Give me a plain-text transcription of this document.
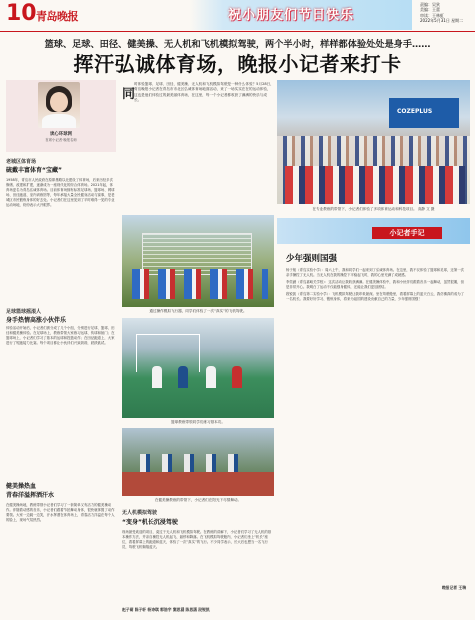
10 青岛晚报	祝小朋友们节日快乐
责编：吴狄
美编：王蕾
审读：王林虹
2022年5月31日 星期二
篮球、足球、田径、健美操、无人机和飞机模拟驾驶，两个半小时，样样都体验处处是身手……
挥汗弘诚体育场，晚报小记者来打卡
读心环球网
首席小记者·晚报名师
同
时体验篮球、足球、田径、健美操、无人机和飞机模拟驾驶是一种什么体验？5月28日，青岛晚报小记者在青岛市市北区弘诚体育场地面活动，来了一场实实在在的运动体验，这也是他们体验过的最美丽体育场，在这里，每一个小记者都收获了满满的快乐与成长。
COZEPLUS
在专业教练的带领下，小记者们体验了多项体育运动和科技项目。 高静 文 摄
老城区体育场
硫戴丰富体育“宝藏”
1958年，青岛市人民政府在原即墨路以北建设了体育场，后来历经多次修缮、改建和扩建，逐渐成为一座现代化的综合体育场。2021年起，体育场更名为青岛弘诚体育场。目前体育场拥有标准足球场、篮球场、网球场、田径跑道、室内训练馆等，每年承接大量全民健身活动与赛事，是老城区市民锻炼身体的好去处。小记者们在这里见到了平时难得一见的专业运动场地，纷纷表示大开眼界。
足球篮球摇滚人
身手热情高涨小伙伴乐
体验活动开始后，小记者们被分成了几个小组，分别进行足球、篮球、田径和健美操体验。在足球场上，教练带领大家练习运球、传球和射门；在篮球场上，小记者们学习了基本的运球和投篮动作；在田径跑道上，大家进行了短跑接力比赛。每个项目都让小伙伴们兴致勃勃，跃跃欲试。
健美操热血
青春洋溢挥洒汗水
在健美操场地，教练带领小记者们学习了一套简单又有活力的健美操动作。伴随着动感的音乐，小记者们跟着节拍舞动身体，很快就掌握了动作要领。大家一边跳一边笑，汗水挥洒在体育场上，青春活力洋溢在每个人的脸上，现场气氛热烈。
通过操作模拟飞行器，同学们体验了一次“真实”的飞机驾驶。
篮球教练带领同学们练习基本功。
在健美操教练的带领下，小记者们在阳光下尽情舞动。
无人机模拟驾驶
“变身”机长沉浸驾驶
现场最受欢迎的项目，莫过于无人机和飞机模拟驾驶。在教练的讲解下，小记者们学习了无人机的基本操作方法，并亲自操控无人机起飞、悬停和降落。在飞机模拟驾驶舱内，小记者们坐上“机长”座位，看着屏幕上的跑道和蓝天，体验了一次“真实”的飞行。不少同学表示，长大后也想当一名飞行员，驾驶飞机翱翔蓝天。
赵子萌 陈子轩 杨诗琪 郭浩宇 窦思涵 陈思涵 段锐凯
小记者手记
少年强则国强
杨子航（青岛实验小学）：周六上午，我和同学们一起来到了弘诚体育场。在这里，我不仅体验了篮球和足球，还第一次亲手操控了无人机。当无人机在我的操控下平稳起飞时，我的心里充满了成就感。
李奕涵（青岛嘉峪关学校）：这次活动让我收获满满。在健美操体验中，我和小伙伴们跟着音乐一起舞动，虽然很累，但是非常开心。我明白了运动不仅能强身健体，还能让我们更加团结。
段锐凯（青岛第二实验小学）：飞机模拟驾驶让我印象最深。坐在驾驶舱里，看着屏幕上的蓝天白云，我仿佛真的成为了一名机长。我要好好学习、锻炼身体，将来为祖国的建设贡献自己的力量，少年强则国强！
晚报记者 王瑞
